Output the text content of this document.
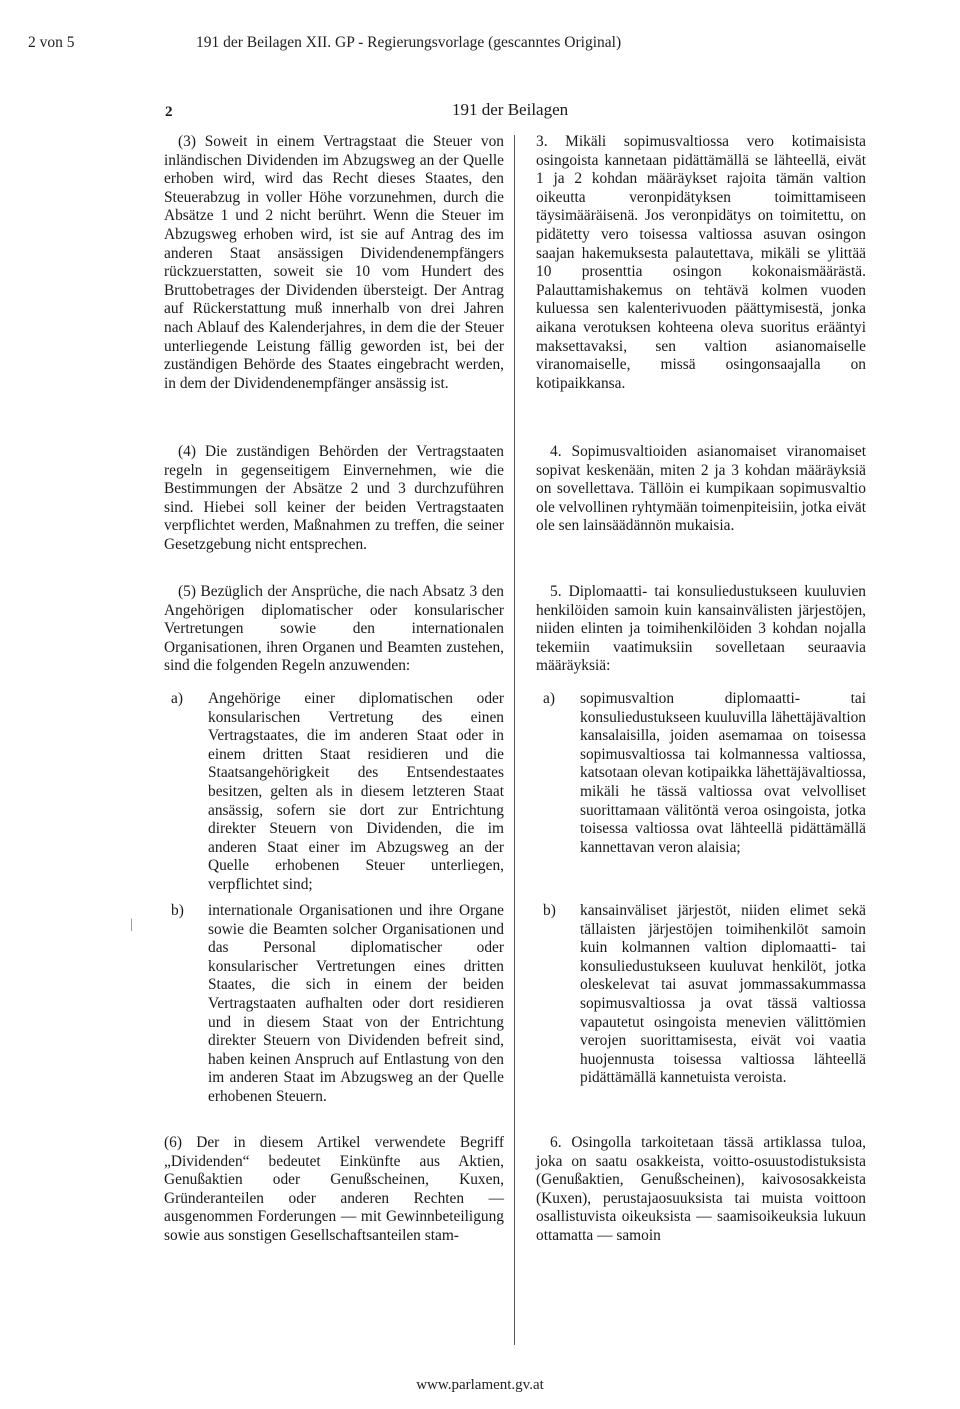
2 von 5	191 der Beilagen XII. GP - Regierungsvorlage (gescanntes Original)
2	191 der Beilagen

(3) Soweit in einem Vertragstaat die Steuer von inländischen Dividenden im Abzugsweg an der Quelle erhoben wird, wird das Recht dieses Staates, den Steuerabzug in voller Höhe vorzunehmen, durch die Absätze 1 und 2 nicht berührt. Wenn die Steuer im Abzugsweg erhoben wird, ist sie auf Antrag des im anderen Staat ansässigen Dividendenempfängers rückzuerstatten, soweit sie 10 vom Hundert des Bruttobetrages der Dividenden übersteigt. Der Antrag auf Rückerstattung muß innerhalb von drei Jahren nach Ablauf des Kalenderjahres, in dem die der Steuer unterliegende Leistung fällig geworden ist, bei der zuständigen Behörde des Staates eingebracht werden, in dem der Dividendenempfänger ansässig ist.

(4) Die zuständigen Behörden der Vertragstaaten regeln in gegenseitigem Einvernehmen, wie die Bestimmungen der Absätze 2 und 3 durchzuführen sind. Hiebei soll keiner der beiden Vertragstaaten verpflichtet werden, Maßnahmen zu treffen, die seiner Gesetzgebung nicht entsprechen.

(5) Bezüglich der Ansprüche, die nach Absatz 3 den Angehörigen diplomatischer oder konsularischer Vertretungen sowie den internationalen Organisationen, ihren Organen und Beamten zustehen, sind die folgenden Regeln anzuwenden:

a) Angehörige einer diplomatischen oder konsularischen Vertretung des einen Vertragstaates, die im anderen Staat oder in einem dritten Staat residieren und die Staatsangehörigkeit des Entsendestaates besitzen, gelten als in diesem letzteren Staat ansässig, sofern sie dort zur Entrichtung direkter Steuern von Dividenden, die im anderen Staat einer im Abzugsweg an der Quelle erhobenen Steuer unterliegen, verpflichtet sind;
b) internationale Organisationen und ihre Organe sowie die Beamten solcher Organisationen und das Personal diplomatischer oder konsularischer Vertretungen eines dritten Staates, die sich in einem der beiden Vertragstaaten aufhalten oder dort residieren und in diesem Staat von der Entrichtung direkter Steuern von Dividenden befreit sind, haben keinen Anspruch auf Entlastung von den im anderen Staat im Abzugsweg an der Quelle erhobenen Steuern.

(6) Der in diesem Artikel verwendete Begriff „Dividenden“ bedeutet Einkünfte aus Aktien, Genußaktien oder Genußscheinen, Kuxen, Gründeranteilen oder anderen Rechten — ausgenommen Forderungen — mit Gewinnbeteiligung sowie aus sonstigen Gesellschaftsanteilen stam-

3. Mikäli sopimusvaltiossa vero kotimaisista osingoista kannetaan pidättämällä se lähteellä, eivät 1 ja 2 kohdan määräykset rajoita tämän valtion oikeutta veronpidätyksen toimittamiseen täysimääräisenä. Jos veronpidätys on toimitettu, on pidätetty vero toisessa valtiossa asuvan osingon saajan hakemuksesta palautettava, mikäli se ylittää 10 prosenttia osingon kokonaismäärästä. Palauttamishakemus on tehtävä kolmen vuoden kuluessa sen kalenterivuoden päättymisestä, jonka aikana verotuksen kohteena oleva suoritus erääntyi maksettavaksi, sen valtion asianomaiselle viranomaiselle, missä osingonsaajalla on kotipaikkansa.

4. Sopimusvaltioiden asianomaiset viranomaiset sopivat keskenään, miten 2 ja 3 kohdan määräyksiä on sovellettava. Tällöin ei kumpikaan sopimusvaltio ole velvollinen ryhtymään toimenpiteisiin, jotka eivät ole sen lainsäädännön mukaisia.

5. Diplomaatti- tai konsuliedustukseen kuuluvien henkilöiden samoin kuin kansainvälisten järjestöjen, niiden elinten ja toimihenkilöiden 3 kohdan nojalla tekemiin vaatimuksiin sovelletaan seuraavia määräyksiä:

a) sopimusvaltion diplomaatti- tai konsuliedustukseen kuuluvilla lähettäjävaltion kansalaisilla, joiden asemamaa on toisessa sopimusvaltiossa tai kolmannessa valtiossa, katsotaan olevan kotipaikka lähettäjävaltiossa, mikäli he tässä valtiossa ovat velvolliset suorittamaan välitöntä veroa osingoista, jotka toisessa valtiossa ovat lähteellä pidättämällä kannettavan veron alaisia;
b) kansainväliset järjestöt, niiden elimet sekä tällaisten järjestöjen toimihenkilöt samoin kuin kolmannen valtion diplomaatti- tai konsuliedustukseen kuuluvat henkilöt, jotka oleskelevat tai asuvat jommassakummassa sopimusvaltiossa ja ovat tässä valtiossa vapautetut osingoista menevien välittömien verojen suorittamisesta, eivät voi vaatia huojennusta toisessa valtiossa lähteellä pidättämällä kannetuista veroista.

6. Osingolla tarkoitetaan tässä artiklassa tuloa, joka on saatu osakkeista, voitto-osuustodistuksista (Genußaktien, Genußscheinen), kaivososakkeista (Kuxen), perustajaosuuksista tai muista voittoon osallistuvista oikeuksista — saamisoikeuksia lukuun ottamatta — samoin

|
www.parlament.gv.at
